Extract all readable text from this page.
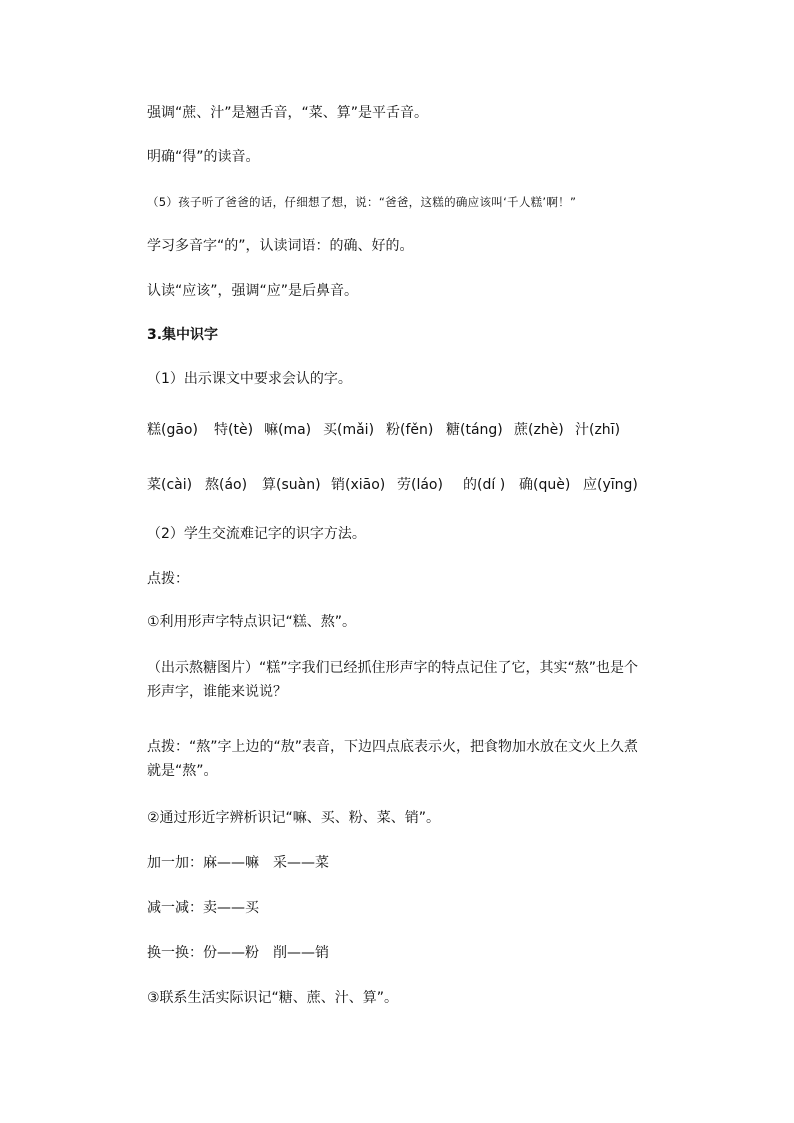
强调“蔗、汁”是翘舌音，“菜、算”是平舌音。
明确“得”的读音。
（5）孩子听了爸爸的话，仔细想了想，说：“爸爸，这糕的确应该叫‘千人糕’啊！”
学习多音字“的”，认读词语：的确、好的。
认读“应该”，强调“应”是后鼻音。
3.集中识字
（1）出示课文中要求会认的字。
糕(gāo) 特(tè) 嘛(ma) 买(mǎi) 粉(fěn) 糖(táng) 蔗(zhè) 汁(zhī)
菜(cài) 熬(áo) 算(suàn) 销(xiāo) 劳(láo) 的(dí ) 确(què) 应(yīng)
（2）学生交流难记字的识字方法。
点拨：
①利用形声字特点识记“糕、熬”。
（出示熬糖图片）“糕”字我们已经抓住形声字的特点记住了它，其实“熬”也是个形声字，谁能来说说？
点拨：“熬”字上边的“敖”表音，下边四点底表示火，把食物加水放在文火上久煮就是“熬”。
②通过形近字辨析识记“嘛、买、粉、菜、销”。
加一加：麻——嘛　采——菜
减一减：卖——买
换一换：份——粉　削——销
③联系生活实际识记“糖、蔗、汁、算”。
